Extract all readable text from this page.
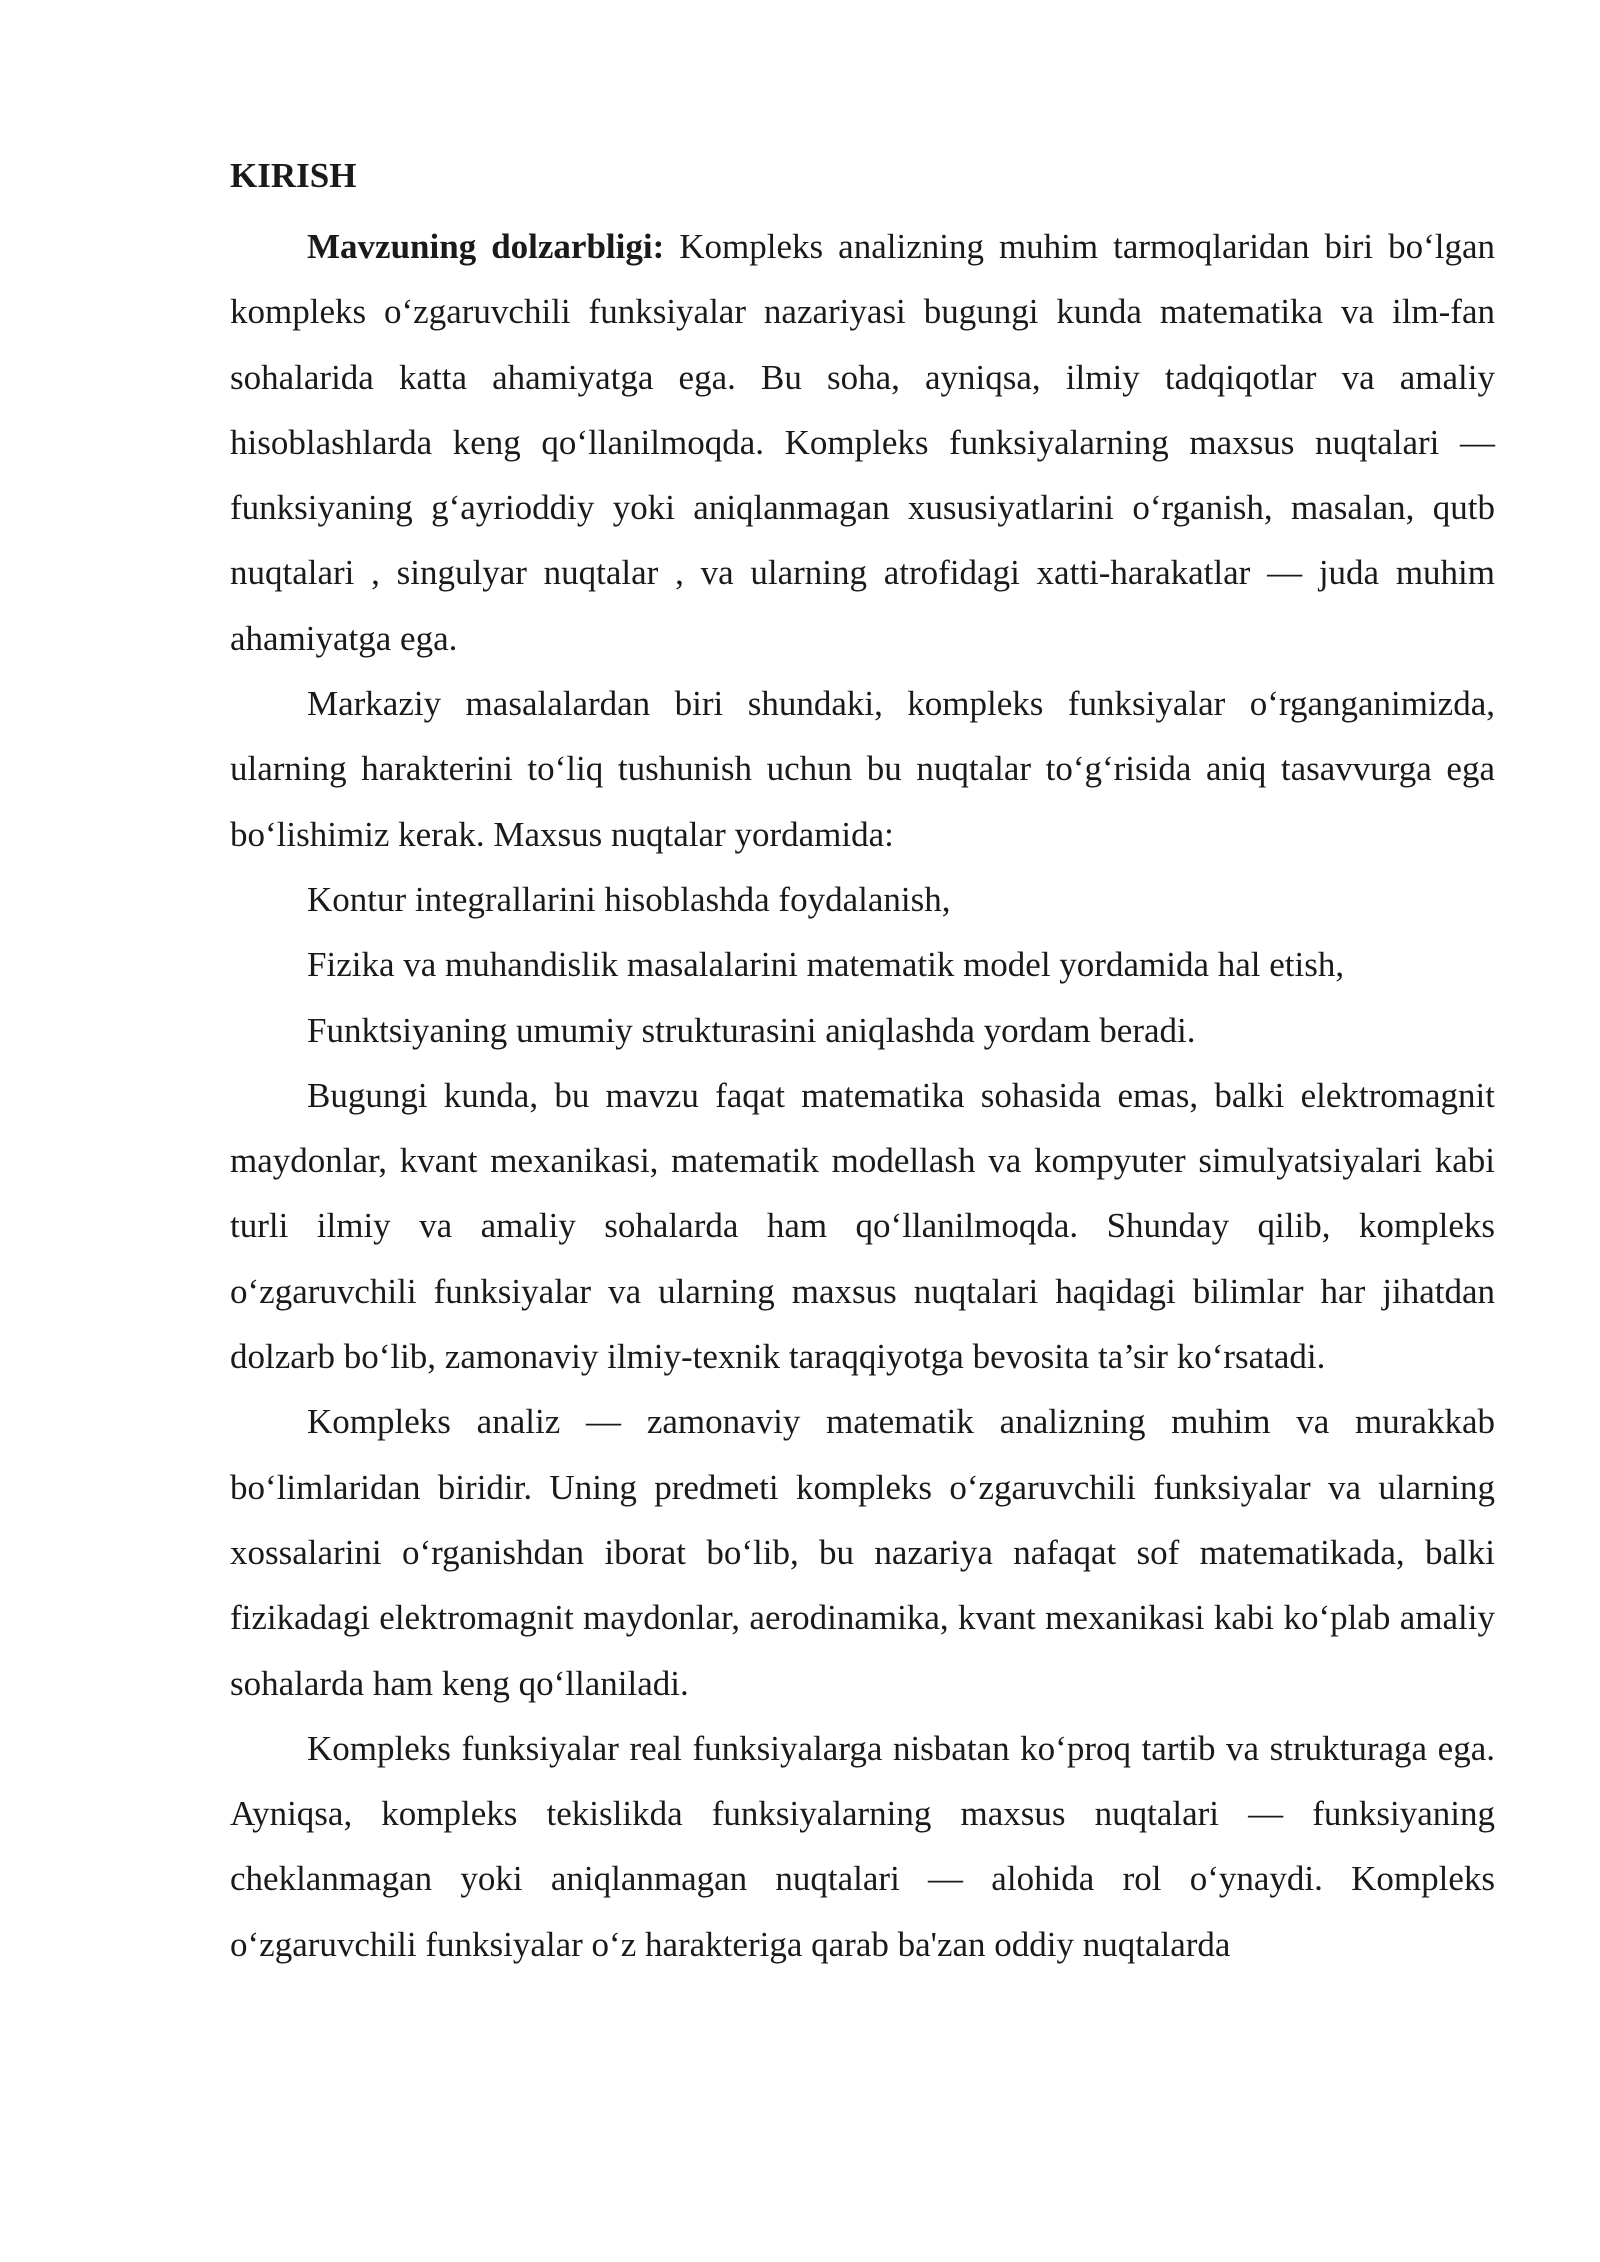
KIRISH

Mavzuning dolzarbligi: Kompleks analizning muhim tarmoqlaridan biri bo‘lgan kompleks o‘zgaruvchili funksiyalar nazariyasi bugungi kunda matematika va ilm-fan sohalarida katta ahamiyatga ega. Bu soha, ayniqsa, ilmiy tadqiqotlar va amaliy hisoblashlarda keng qo‘llanilmoqda. Kompleks funksiyalarning maxsus nuqtalari — funksiyaning g‘ayrioddiy yoki aniqlanmagan xususiyatlarini o‘rganish, masalan, qutb nuqtalari , singulyar nuqtalar , va ularning atrofidagi xatti-harakatlar — juda muhim ahamiyatga ega.

Markaziy masalalardan biri shundaki, kompleks funksiyalar o‘rganganimizda, ularning harakterini to‘liq tushunish uchun bu nuqtalar to‘g‘risida aniq tasavvurga ega bo‘lishimiz kerak. Maxsus nuqtalar yordamida:

Kontur integrallarini hisoblashda foydalanish,

Fizika va muhandislik masalalarini matematik model yordamida hal etish,

Funktsiyaning umumiy strukturasini aniqlashda yordam beradi.

Bugungi kunda, bu mavzu faqat matematika sohasida emas, balki elektromagnit maydonlar, kvant mexanikasi, matematik modellash va kompyuter simulyatsiyalari kabi turli ilmiy va amaliy sohalarda ham qo‘llanilmoqda. Shunday qilib, kompleks o‘zgaruvchili funksiyalar va ularning maxsus nuqtalari haqidagi bilimlar har jihatdan dolzarb bo‘lib, zamonaviy ilmiy-texnik taraqqiyotga bevosita ta’sir ko‘rsatadi.

Kompleks analiz — zamonaviy matematik analizning muhim va murakkab bo‘limlaridan biridir. Uning predmeti kompleks o‘zgaruvchili funksiyalar va ularning xossalarini o‘rganishdan iborat bo‘lib, bu nazariya nafaqat sof matematikada, balki fizikadagi elektromagnit maydonlar, aerodinamika, kvant mexanikasi kabi ko‘plab amaliy sohalarda ham keng qo‘llaniladi.

Kompleks funksiyalar real funksiyalarga nisbatan ko‘proq tartib va strukturaga ega. Ayniqsa, kompleks tekislikda funksiyalarning maxsus nuqtalari — funksiyaning cheklanmagan yoki aniqlanmagan nuqtalari — alohida rol o‘ynaydi. Kompleks o‘zgaruvchili funksiyalar o‘z harakteriga qarab ba'zan oddiy nuqtalarda
